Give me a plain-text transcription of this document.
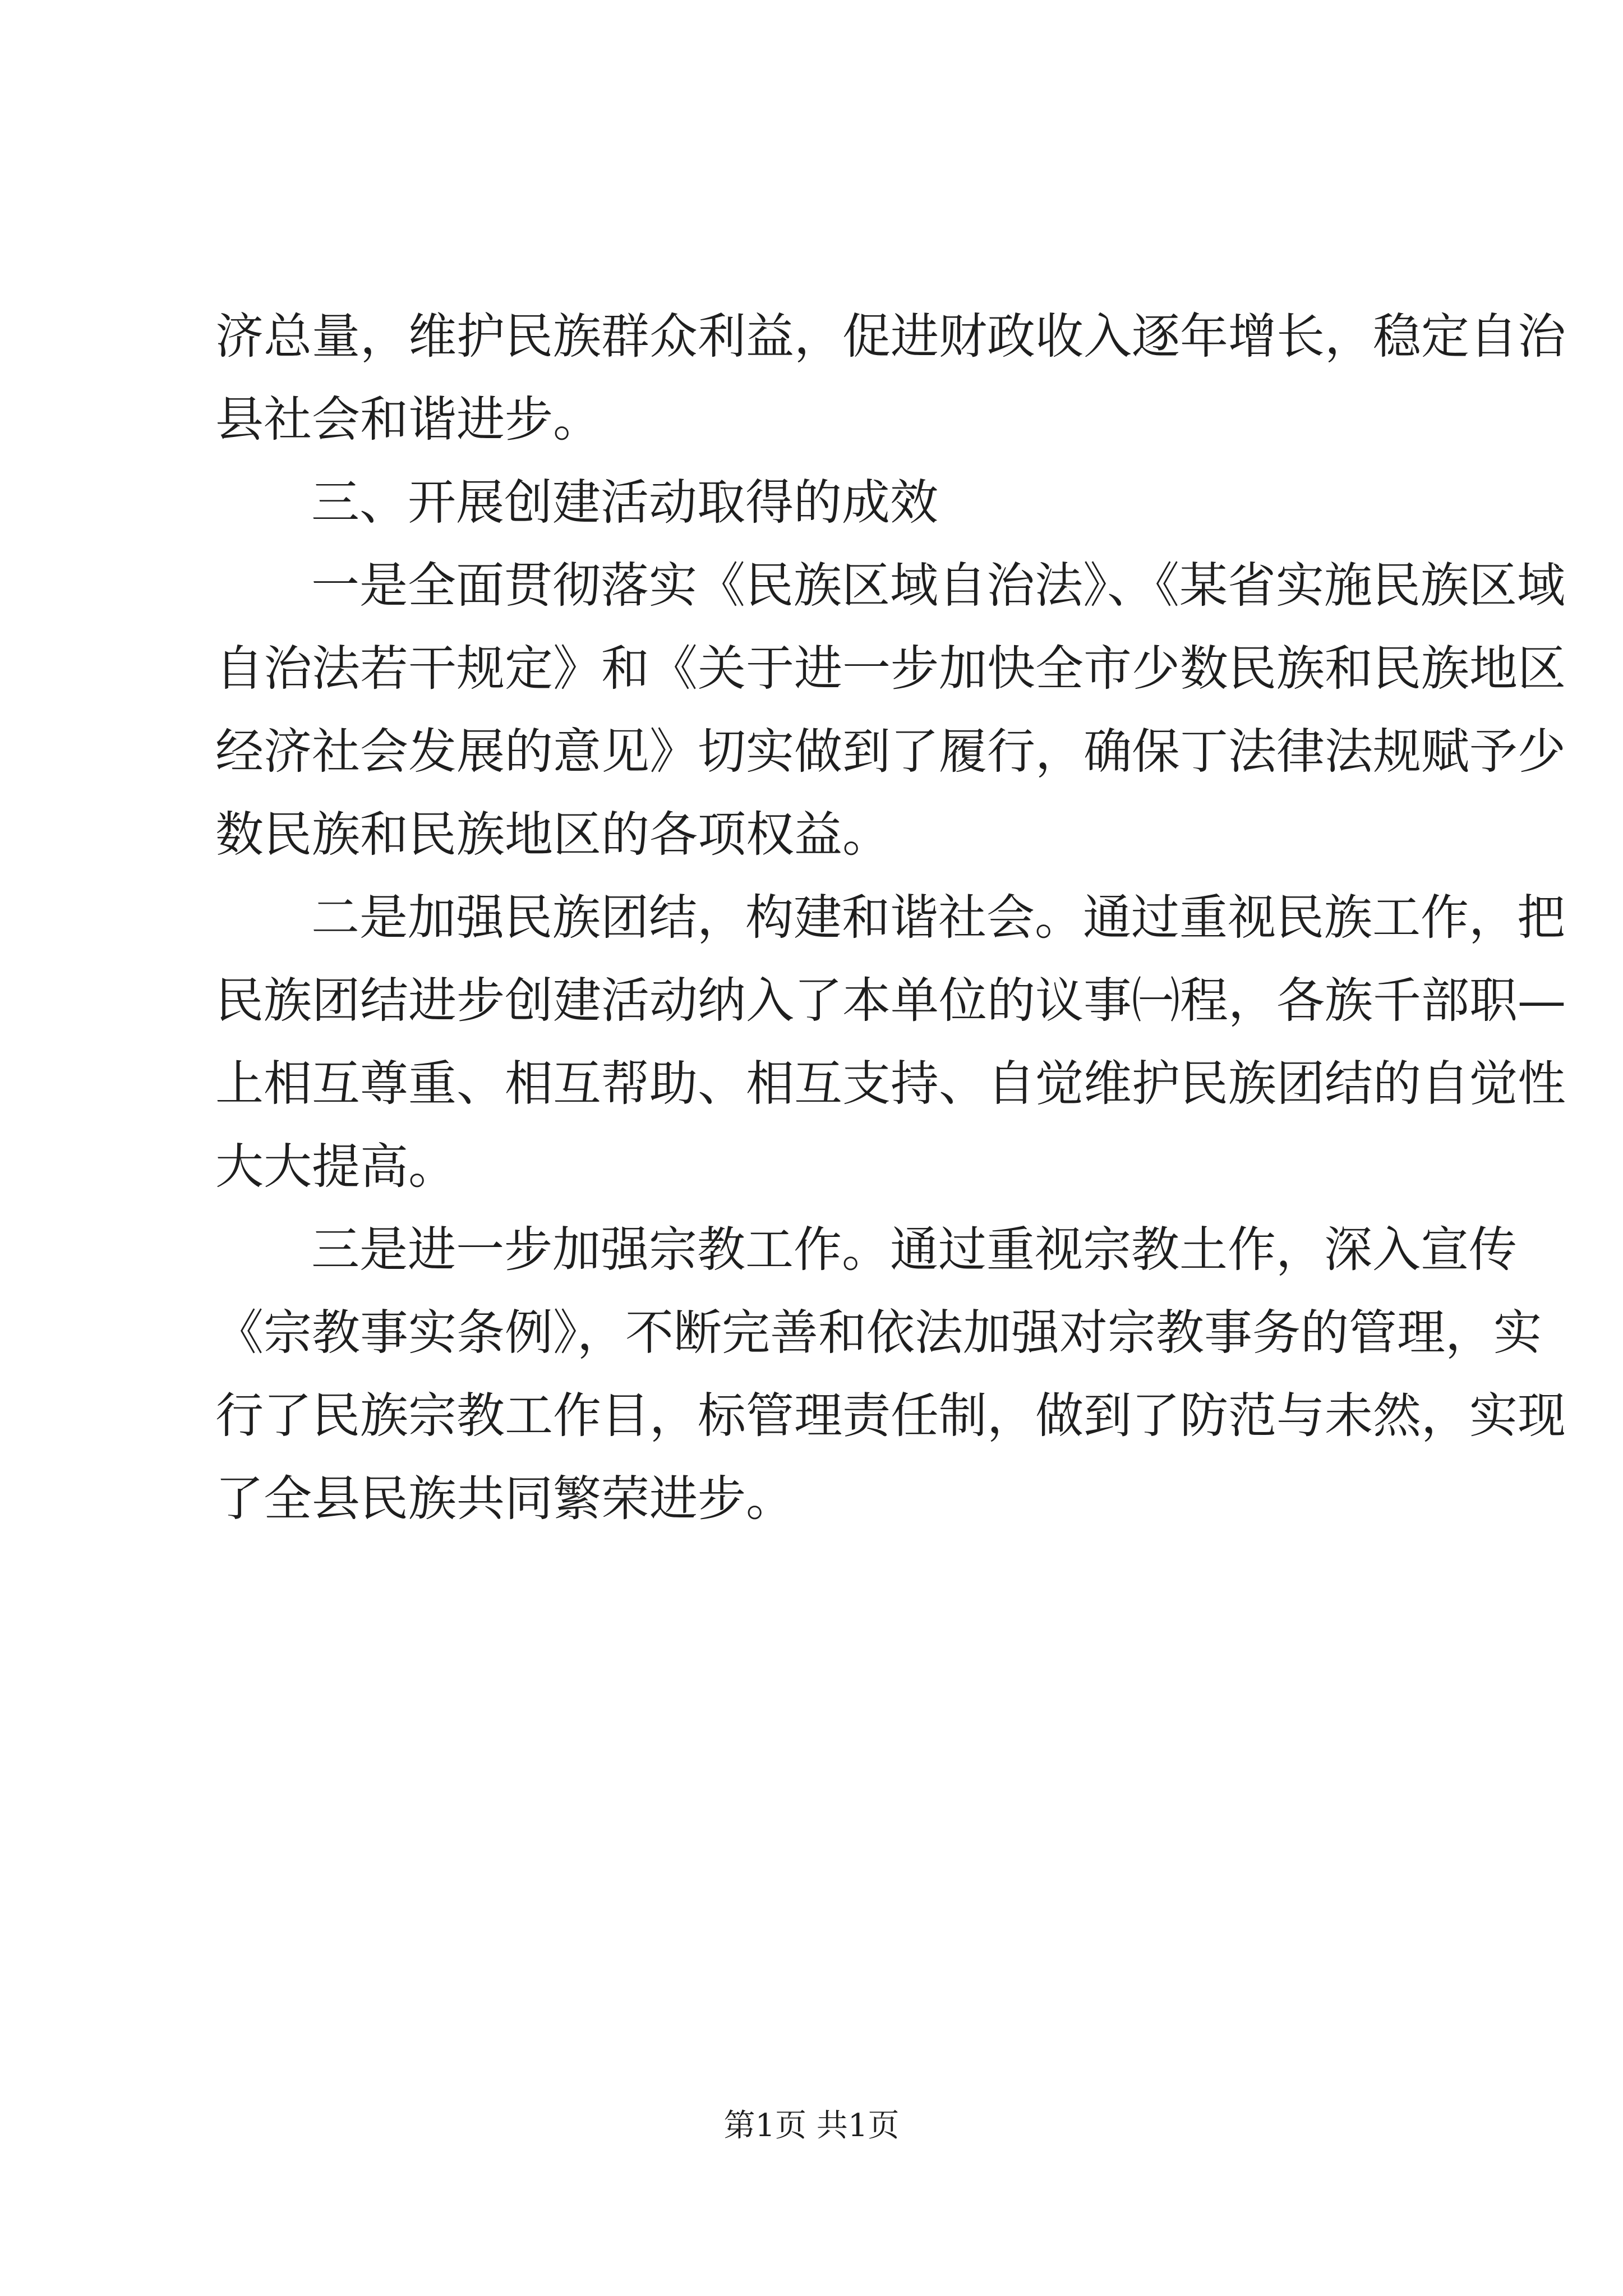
济总量，维护民族群众利益，促进财政收入逐年增长，稳定自治
县社会和谐进步。
三、开展创建活动取得的成效
一是全面贯彻落实《民族区域自治法》、《某省实施民族区域
自治法若干规定》和《关于进一步加快全市少数民族和民族地区
经济社会发展的意见》切实做到了履行，确保丁法律法规赋予少
数民族和民族地区的各项权益。
二是加强民族团结，构建和谐社会。通过重视民族工作，把
民族团结进步创建活动纳入了本单位的议事㈠程，各族千部职—
上相互尊重、相互帮助、相互支持、自觉维护民族团结的自觉性
大大提高。
三是进一步加强宗教工作。通过重视宗教土作，深入宣传
《宗教事实条例》，不断完善和依法加强对宗教事务的管理，实
行了民族宗教工作目，标管理责任制，做到了防范与未然，实现
了全县民族共同繁荣进步。
第1页 共1页
